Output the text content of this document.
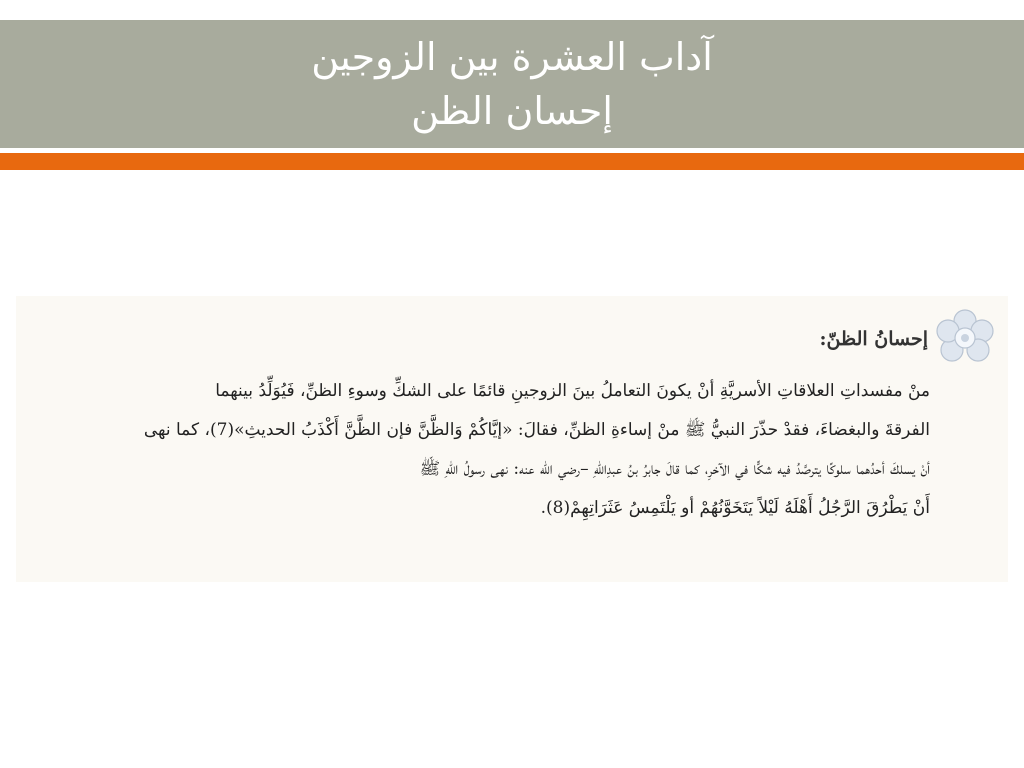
آداب العشرة بين الزوجين
إحسان الظن
إحسانُ الظنّ:

منْ مفسداتِ العلاقاتِ الأسريَّةِ أنْ يكونَ التعاملُ بينَ الزوجينِ قائمًا على الشكِّ وسوءِ الظنِّ، فَيُوَلِّدُ بينهما

الفرقةَ والبغضاءَ، فقدْ حذّرَ النبيُّ ﷺ منْ إساءةِ الظنِّ، فقالَ: «إيَّاكُمْ وَالظَّنَّ فإن الظَّنَّ أَكْذَبُ الحديثِ»(7)، كما نهى

أنْ يسلكَ أحدُهما سلوكًا يترصَّدُ فيه شكًّا في الآخرِ، كما قالَ جابرُ بنُ عبدِاللهِ –رضي الله عنه: نهى رسولُ اللهِ ﷺ

أَنْ يَطْرُقَ الرَّجُلُ أَهْلَهُ لَيْلاً يَتَخَوَّنُهُمْ أو يَلْتَمِسُ عَثَرَاتِهِمْ(8).
